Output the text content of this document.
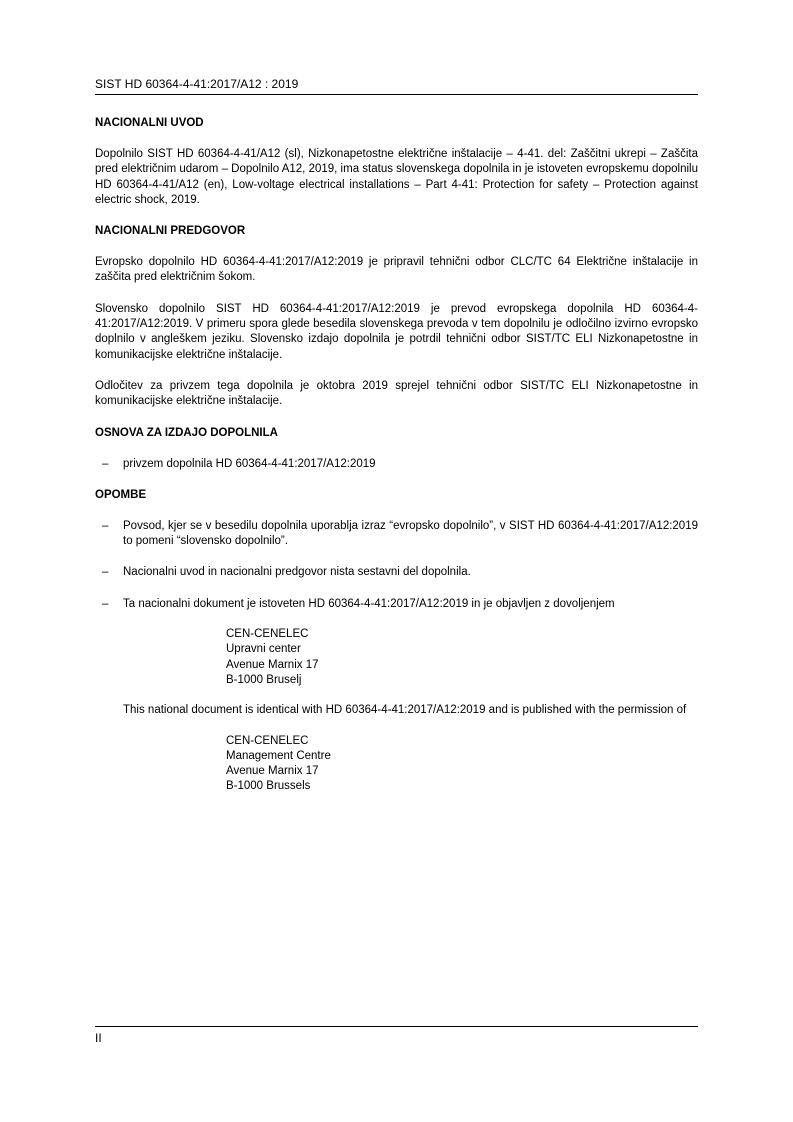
SIST HD 60364-4-41:2017/A12 : 2019
NACIONALNI UVOD

Dopolnilo SIST HD 60364-4-41/A12 (sl), Nizkonapetostne električne inštalacije – 4-41. del: Zaščitni ukrepi – Zaščita pred električnim udarom – Dopolnilo A12, 2019, ima status slovenskega dopolnila in je istoveten evropskemu dopolnilu HD 60364-4-41/A12 (en), Low-voltage electrical installations – Part 4-41: Protection for safety – Protection against electric shock, 2019.

NACIONALNI PREDGOVOR

Evropsko dopolnilo HD 60364-4-41:2017/A12:2019 je pripravil tehnični odbor CLC/TC 64 Električne inštalacije in zaščita pred električnim šokom.

Slovensko dopolnilo SIST HD 60364-4-41:2017/A12:2019 je prevod evropskega dopolnila HD 60364-4-41:2017/A12:2019. V primeru spora glede besedila slovenskega prevoda v tem dopolnilu je odločilno izvirno evropsko doplnilo v angleškem jeziku. Slovensko izdajo dopolnila je potrdil tehnični odbor SIST/TC ELI Nizkonapetostne in komunikacijske električne inštalacije.

Odločitev za privzem tega dopolnila je oktobra 2019 sprejel tehnični odbor SIST/TC ELI Nizkonapetostne in komunikacijske električne inštalacije.

OSNOVA ZA IZDAJO DOPOLNILA
– privzem dopolnila HD 60364-4-41:2017/A12:2019
OPOMBE
– Povsod, kjer se v besedilu dopolnila uporablja izraz “evropsko dopolnilo”, v SIST HD 60364-4-41:2017/A12:2019 to pomeni “slovensko dopolnilo”.
– Nacionalni uvod in nacionalni predgovor nista sestavni del dopolnila.
– Ta nacionalni dokument je istoveten HD 60364-4-41:2017/A12:2019 in je objavljen z dovoljenjem
CEN-CENELEC
Upravni center
Avenue Marnix 17
B-1000 Bruselj
This national document is identical with HD 60364-4-41:2017/A12:2019 and is published with the permission of
CEN-CENELEC
Management Centre
Avenue Marnix 17
B-1000 Brussels
II
